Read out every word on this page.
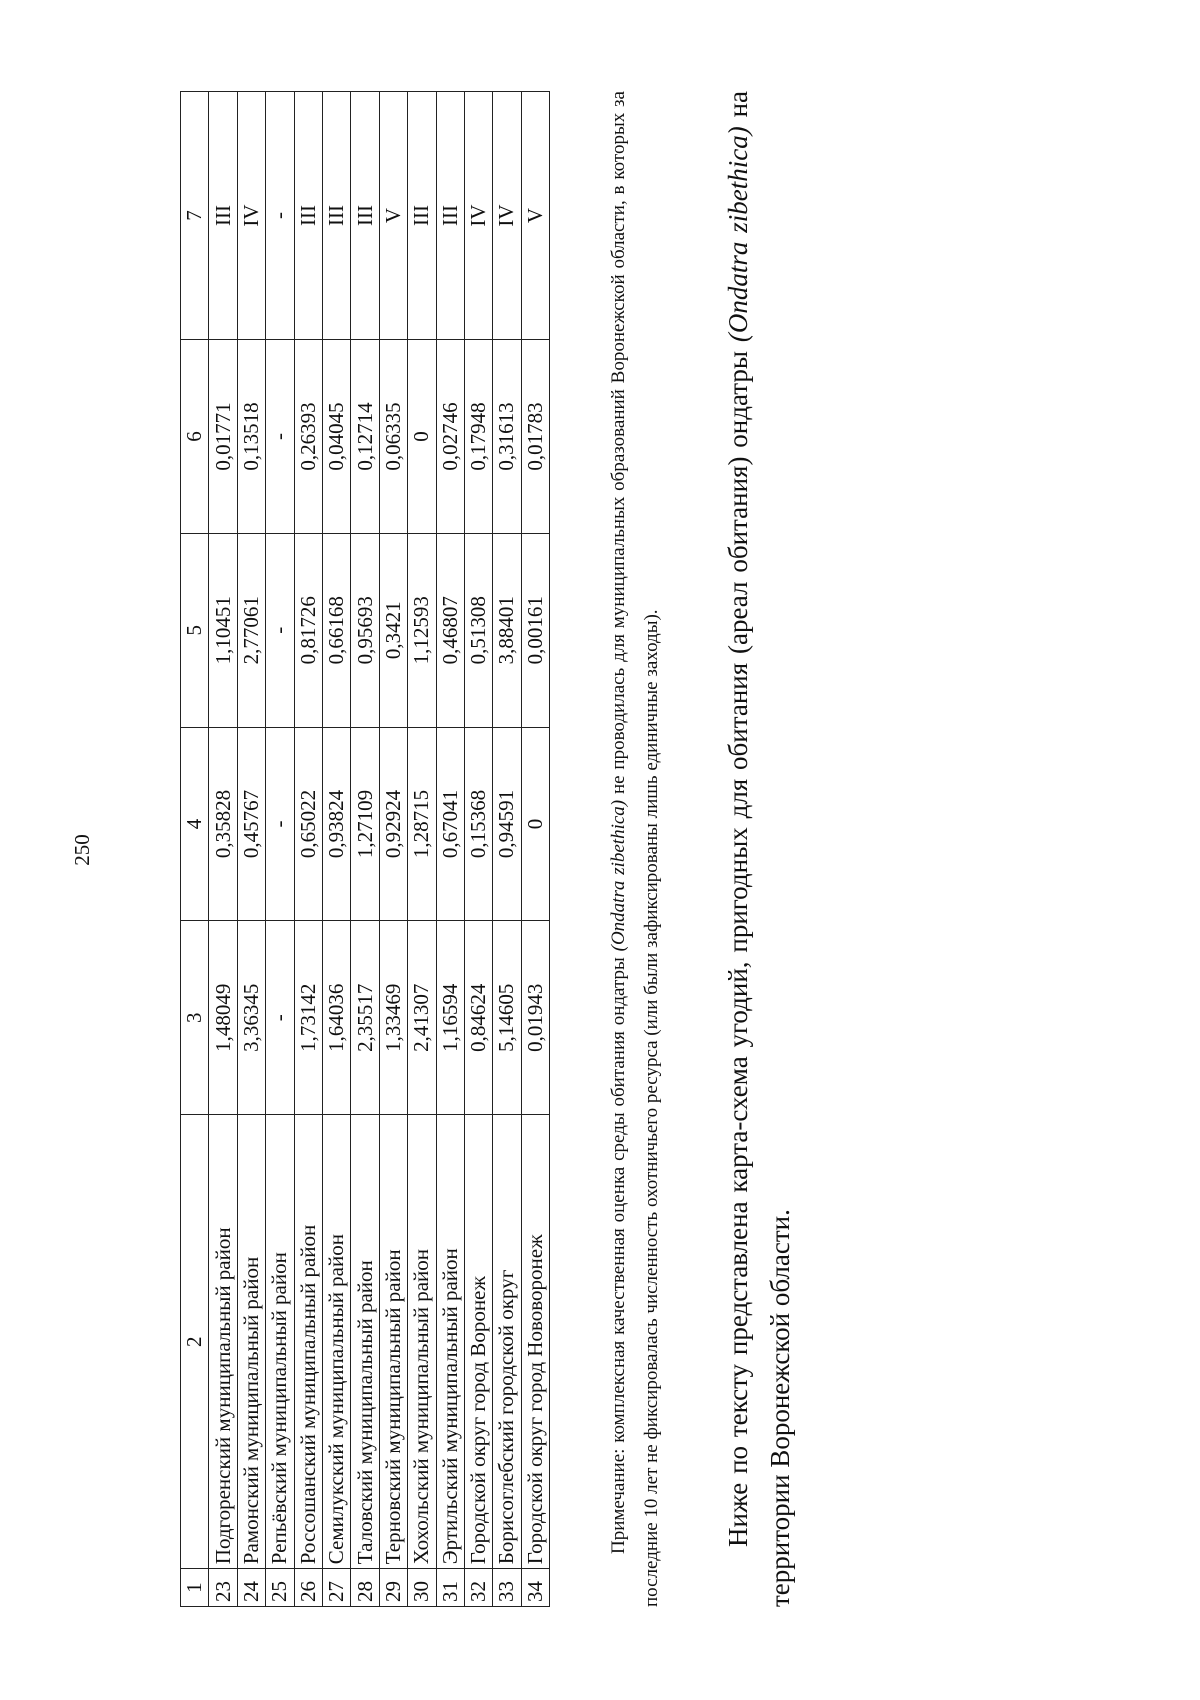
250
1	2	3	4	5	6	7
23	Подгоренский муниципальный район	1,48049	0,35828	1,10451	0,01771	III
24	Рамонский муниципальный район	3,36345	0,45767	2,77061	0,13518	IV
25	Репьёвский муниципальный район	-	-	-	-	-
26	Россошанский муниципальный район	1,73142	0,65022	0,81726	0,26393	III
27	Семилукский муниципальный район	1,64036	0,93824	0,66168	0,04045	III
28	Таловский муниципальный район	2,35517	1,27109	0,95693	0,12714	III
29	Терновский муниципальный район	1,33469	0,92924	0,3421	0,06335	V
30	Хохольский муниципальный район	2,41307	1,28715	1,12593	0	III
31	Эртильский муниципальный район	1,16594	0,67041	0,46807	0,02746	III
32	Городской округ город Воронеж	0,84624	0,15368	0,51308	0,17948	IV
33	Борисоглебский городской округ	5,14605	0,94591	3,88401	0,31613	IV
34	Городской округ город Нововоронеж	0,01943	0	0,00161	0,01783	V

Примечание: комплексная качественная оценка среды обитания ондатры (Ondatra zibethica) не проводилась для муниципальных образований Воронежской области, в которых за последние 10 лет не фиксировалась численность охотничьего ресурса (или были зафиксированы лишь единичные заходы). Ниже по тексту представлена карта-схема угодий, пригодных для обитания (ареал обитания) ондатры (Ondatra zibethica) на территории Воронежской области.
